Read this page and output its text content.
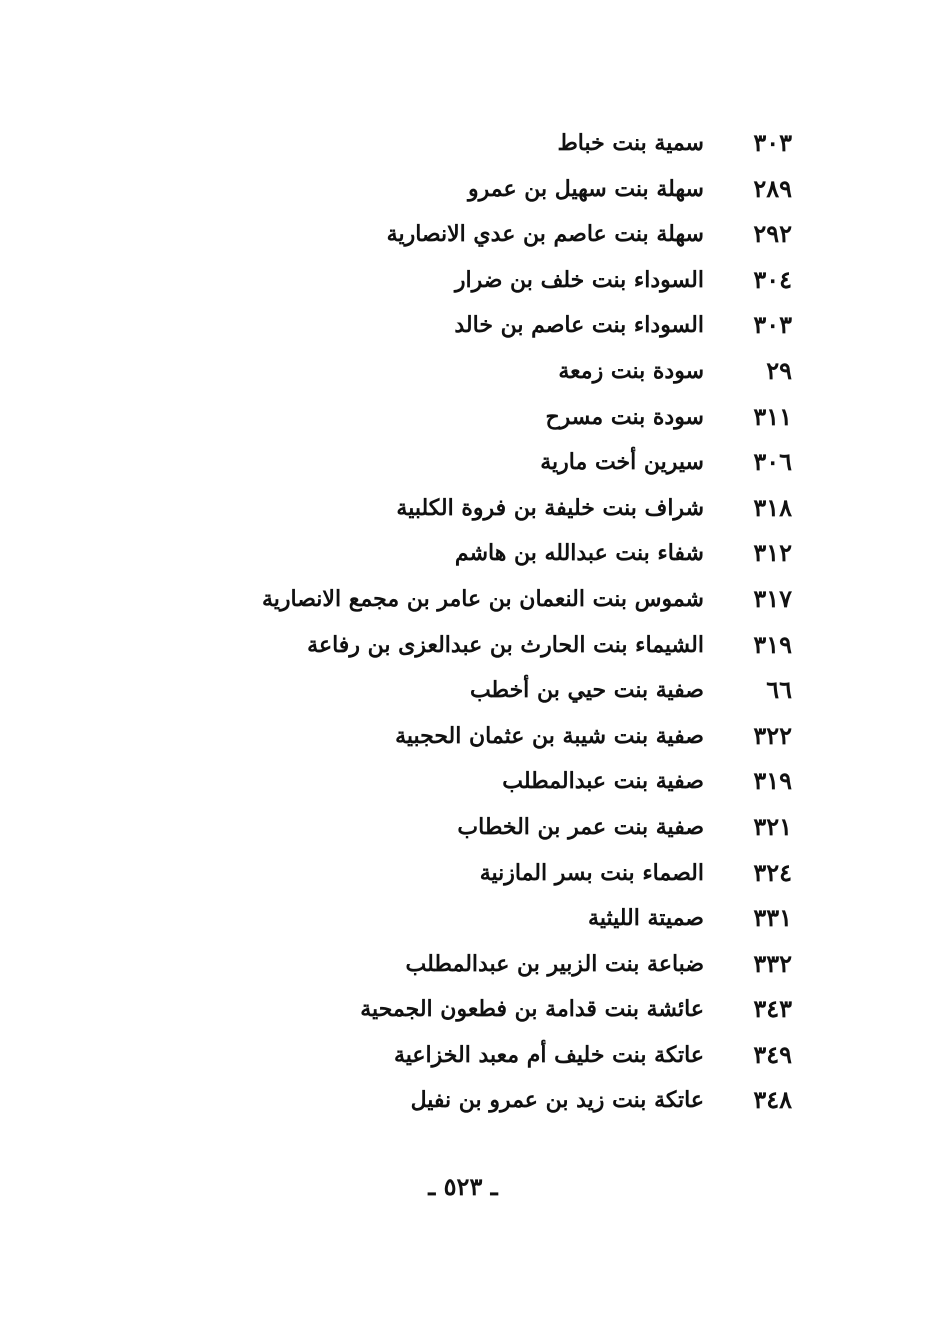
٣٠٣
سمية بنت خباط
٢٨٩
سهلة بنت سهيل بن عمرو
٢٩٢
سهلة بنت عاصم بن عدي الانصارية
٣٠٤
السوداء بنت خلف بن ضرار
٣٠٣
السوداء بنت عاصم بن خالد
٢٩
سودة بنت زمعة
٣١١
سودة بنت مسرح
٣٠٦
سيرين أخت مارية
٣١٨
شراف بنت خليفة بن فروة الكلبية
٣١٢
شفاء بنت عبدالله بن هاشم
٣١٧
شموس بنت النعمان بن عامر بن مجمع الانصارية
٣١٩
الشيماء بنت الحارث بن عبدالعزى بن رفاعة
٦٦
صفية بنت حيي بن أخطب
٣٢٢
صفية بنت شيبة بن عثمان الحجبية
٣١٩
صفية بنت عبدالمطلب
٣٢١
صفية بنت عمر بن الخطاب
٣٢٤
الصماء بنت بسر المازنية
٣٣١
صميتة الليثية
٣٣٢
ضباعة بنت الزبير بن عبدالمطلب
٣٤٣
عائشة بنت قدامة بن فطعون الجمحية
٣٤٩
عاتكة بنت خليف أم معبد الخزاعية
٣٤٨
عاتكة بنت زيد بن عمرو بن نفيل
ـ ٥٢٣ ـ
